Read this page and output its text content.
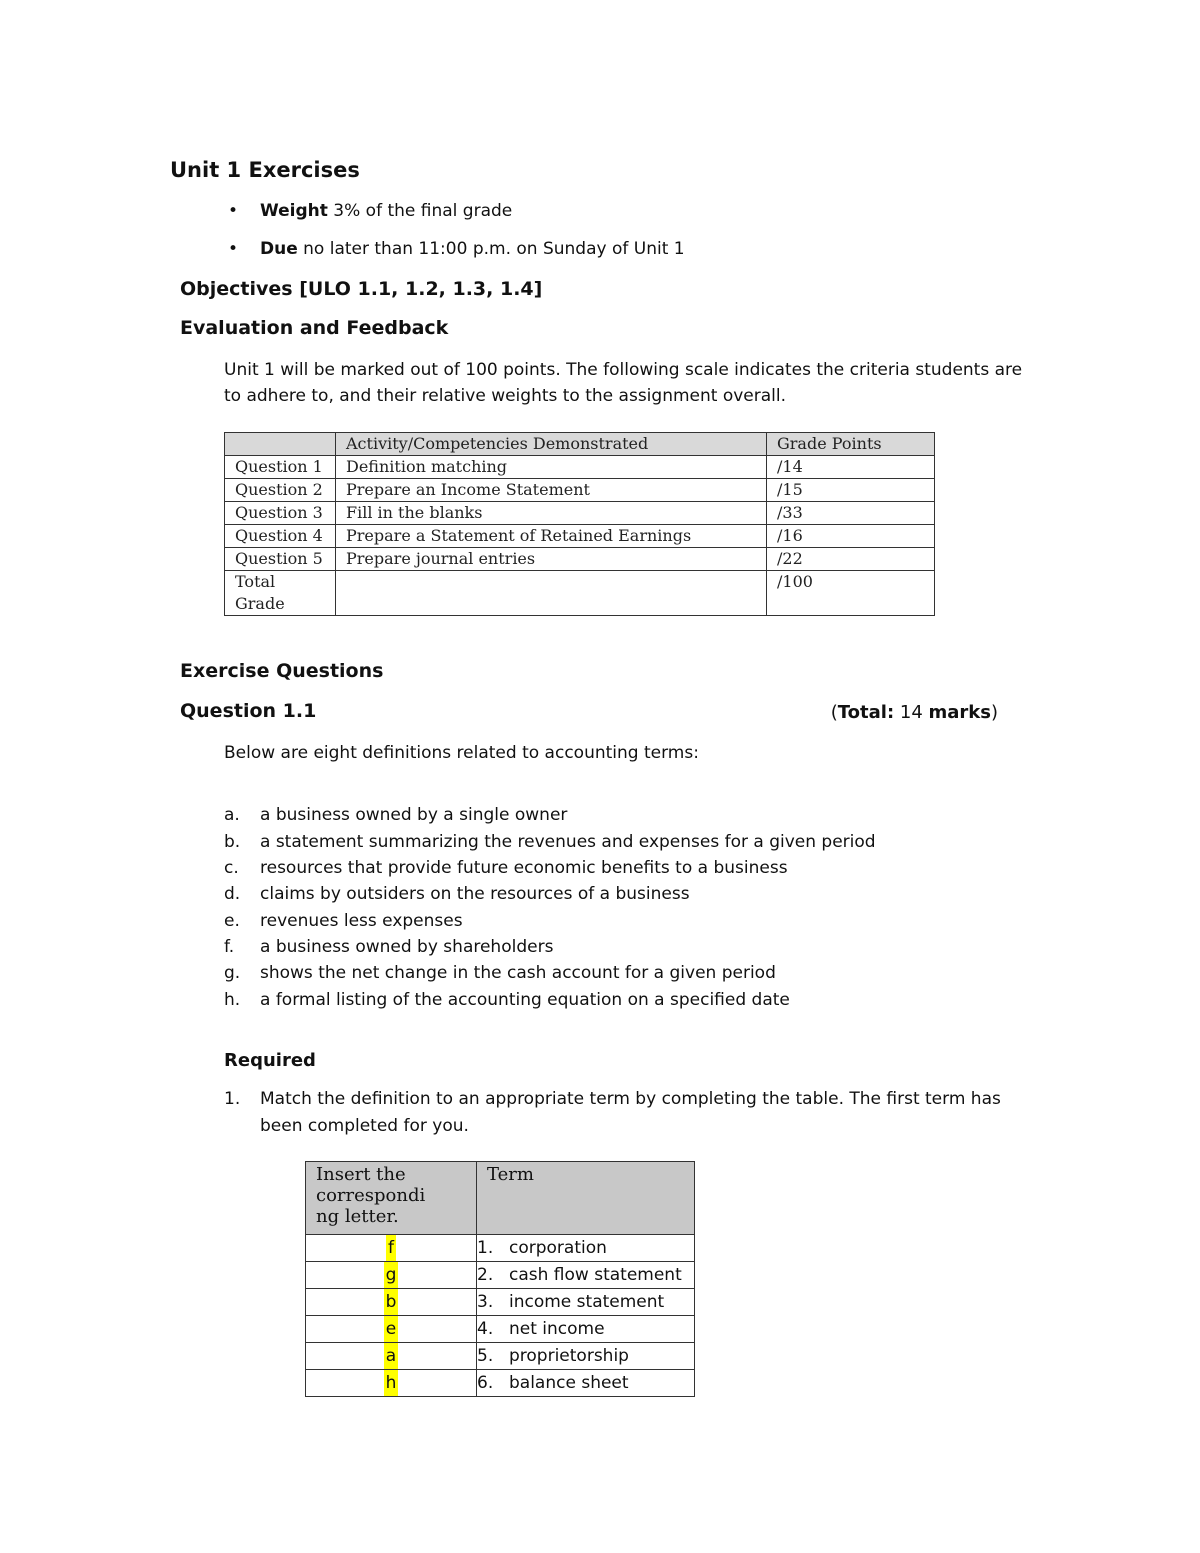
Unit 1 Exercises
• Weight 3% of the final grade
• Due no later than 11:00 p.m. on Sunday of Unit 1
Objectives [ULO 1.1, 1.2, 1.3, 1.4]
Evaluation and Feedback
Unit 1 will be marked out of 100 points. The following scale indicates the criteria students are
to adhere to, and their relative weights to the assignment overall.
	Activity/Competencies Demonstrated	Grade Points
Question 1	Definition matching	/14
Question 2	Prepare an Income Statement	/15
Question 3	Fill in the blanks	/33
Question 4	Prepare a Statement of Retained Earnings	/16
Question 5	Prepare journal entries	/22

Total
Grade		/100
Exercise Questions
Question 1.1	(Total: 14 marks)
Below are eight definitions related to accounting terms:
a. a business owned by a single owner
b. a statement summarizing the revenues and expenses for a given period
c. resources that provide future economic benefits to a business
d. claims by outsiders on the resources of a business
e. revenues less expenses
f. a business owned by shareholders
g. shows the net change in the cash account for a given period
h. a formal listing of the accounting equation on a specified date
Required
1. Match the definition to an appropriate term by completing the table. The first term has
been completed for you.
Insert the
correspondi
ng letter.	Term
f	1. corporation
g	2. cash flow statement
b	3. income statement
e	4. net income
a	5. proprietorship
h	6. balance sheet
